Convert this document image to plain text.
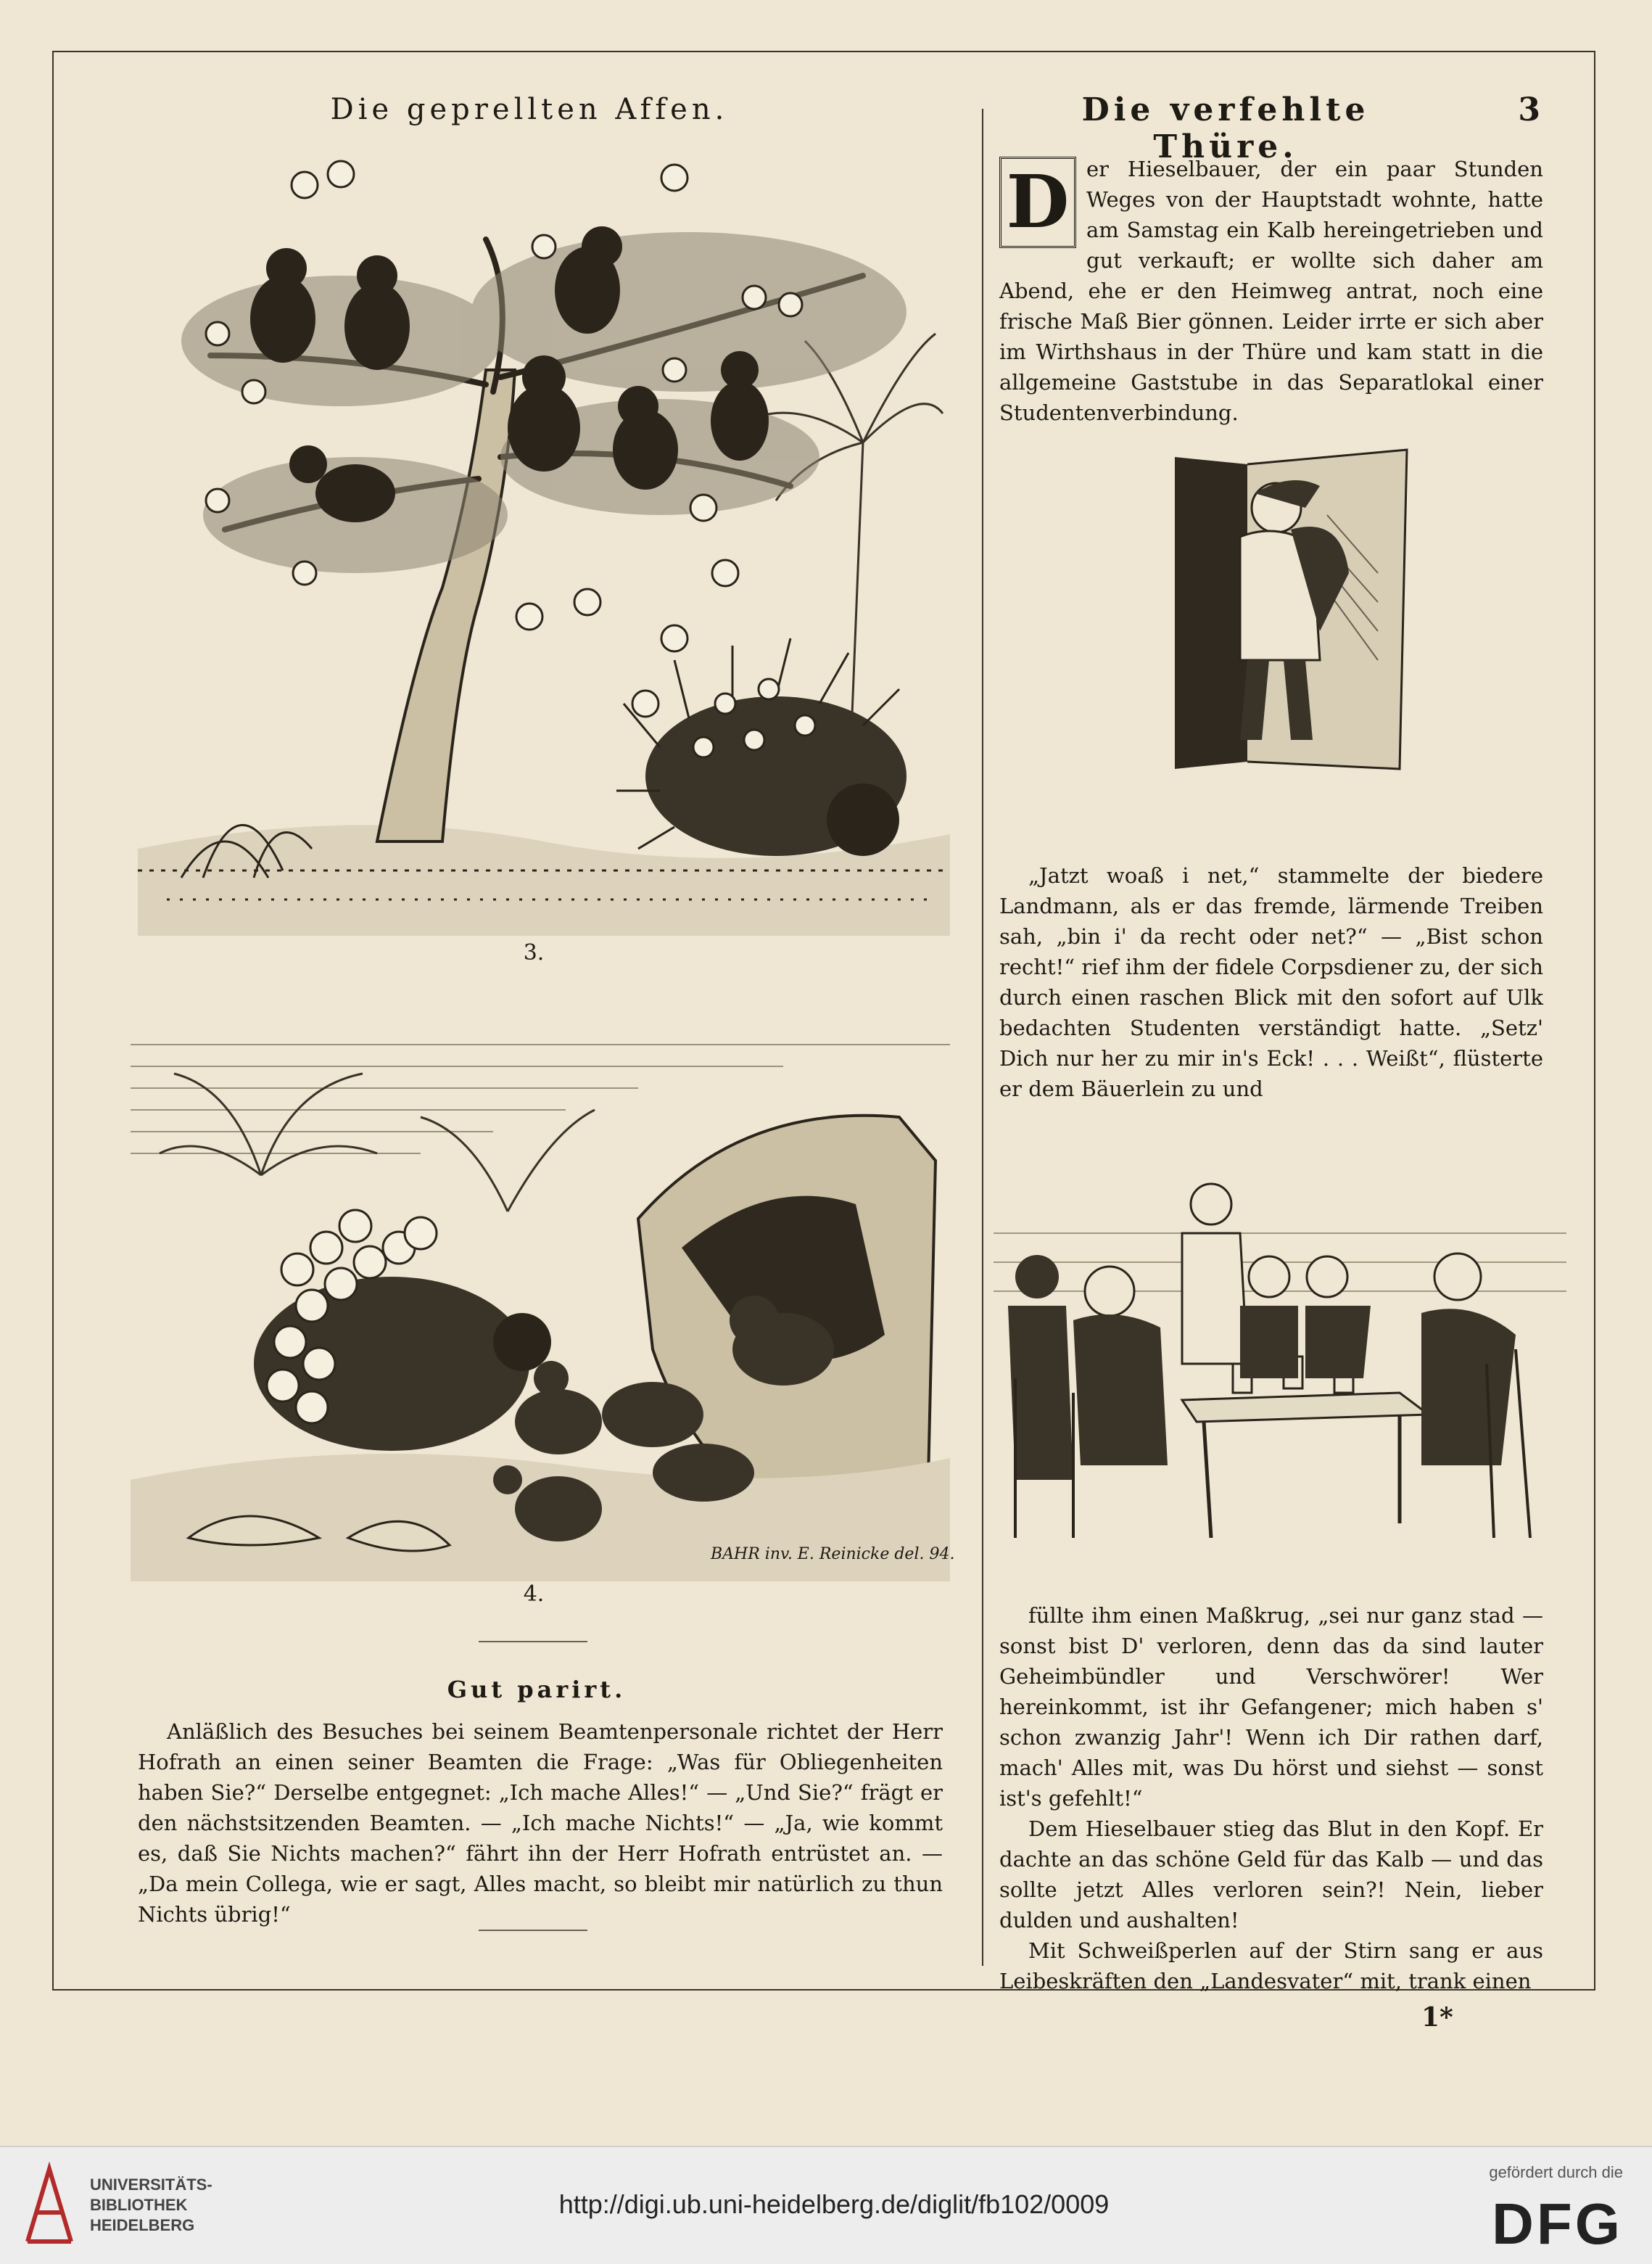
Die geprellten Affen.
3.
BAHR inv. E. Reinicke del. 94.
4.
Gut parirt.

Anläßlich des Besuches bei seinem Beamtenpersonale richtet der Herr Hofrath an einen seiner Beamten die Frage: „Was für Obliegenheiten haben Sie?“ Derselbe entgegnet: „Ich mache Alles!“ — „Und Sie?“ frägt er den nächstsitzenden Beamten. — „Ich mache Nichts!“ — „Ja, wie kommt es, daß Sie Nichts machen?“ fährt ihn der Herr Hofrath entrüstet an. — „Da mein Collega, wie er sagt, Alles macht, so bleibt mir natürlich zu thun Nichts übrig!“

Die verfehlte Thüre.
3
D er Hieselbauer, der ein paar Stunden Weges von der Hauptstadt wohnte, hatte am Samstag ein Kalb hereingetrieben und gut verkauft; er wollte sich daher am Abend, ehe er den Heimweg antrat, noch eine frische Maß Bier gönnen. Leider irrte er sich aber im Wirthshaus in der Thüre und kam statt in die allgemeine Gaststube in das Separatlokal einer Studentenverbindung.

„Jatzt woaß i net,“ stammelte der biedere Landmann, als er das fremde, lärmende Treiben sah, „bin i' da recht oder net?“ — „Bist schon recht!“ rief ihm der fidele Corpsdiener zu, der sich durch einen raschen Blick mit den sofort auf Ulk bedachten Studenten verständigt hatte. „Setz' Dich nur her zu mir in's Eck! . . . Weißt“, flüsterte er dem Bäuerlein zu und

füllte ihm einen Maßkrug, „sei nur ganz stad — sonst bist D' verloren, denn das da sind lauter Geheimbündler und Verschwörer! Wer hereinkommt, ist ihr Gefangener; mich haben s' schon zwanzig Jahr'! Wenn ich Dir rathen darf, mach' Alles mit, was Du hörst und siehst — sonst ist's gefehlt!“

Dem Hieselbauer stieg das Blut in den Kopf. Er dachte an das schöne Geld für das Kalb — und das sollte jetzt Alles verloren sein?! Nein, lieber dulden und aushalten!

Mit Schweißperlen auf der Stirn sang er aus Leibeskräften den „Landesvater“ mit, trank einen

1*
UNIVERSITÄTS-
BIBLIOTHEK
HEIDELBERG
http://digi.ub.uni-heidelberg.de/diglit/fb102/0009
gefördert durch die
DFG
